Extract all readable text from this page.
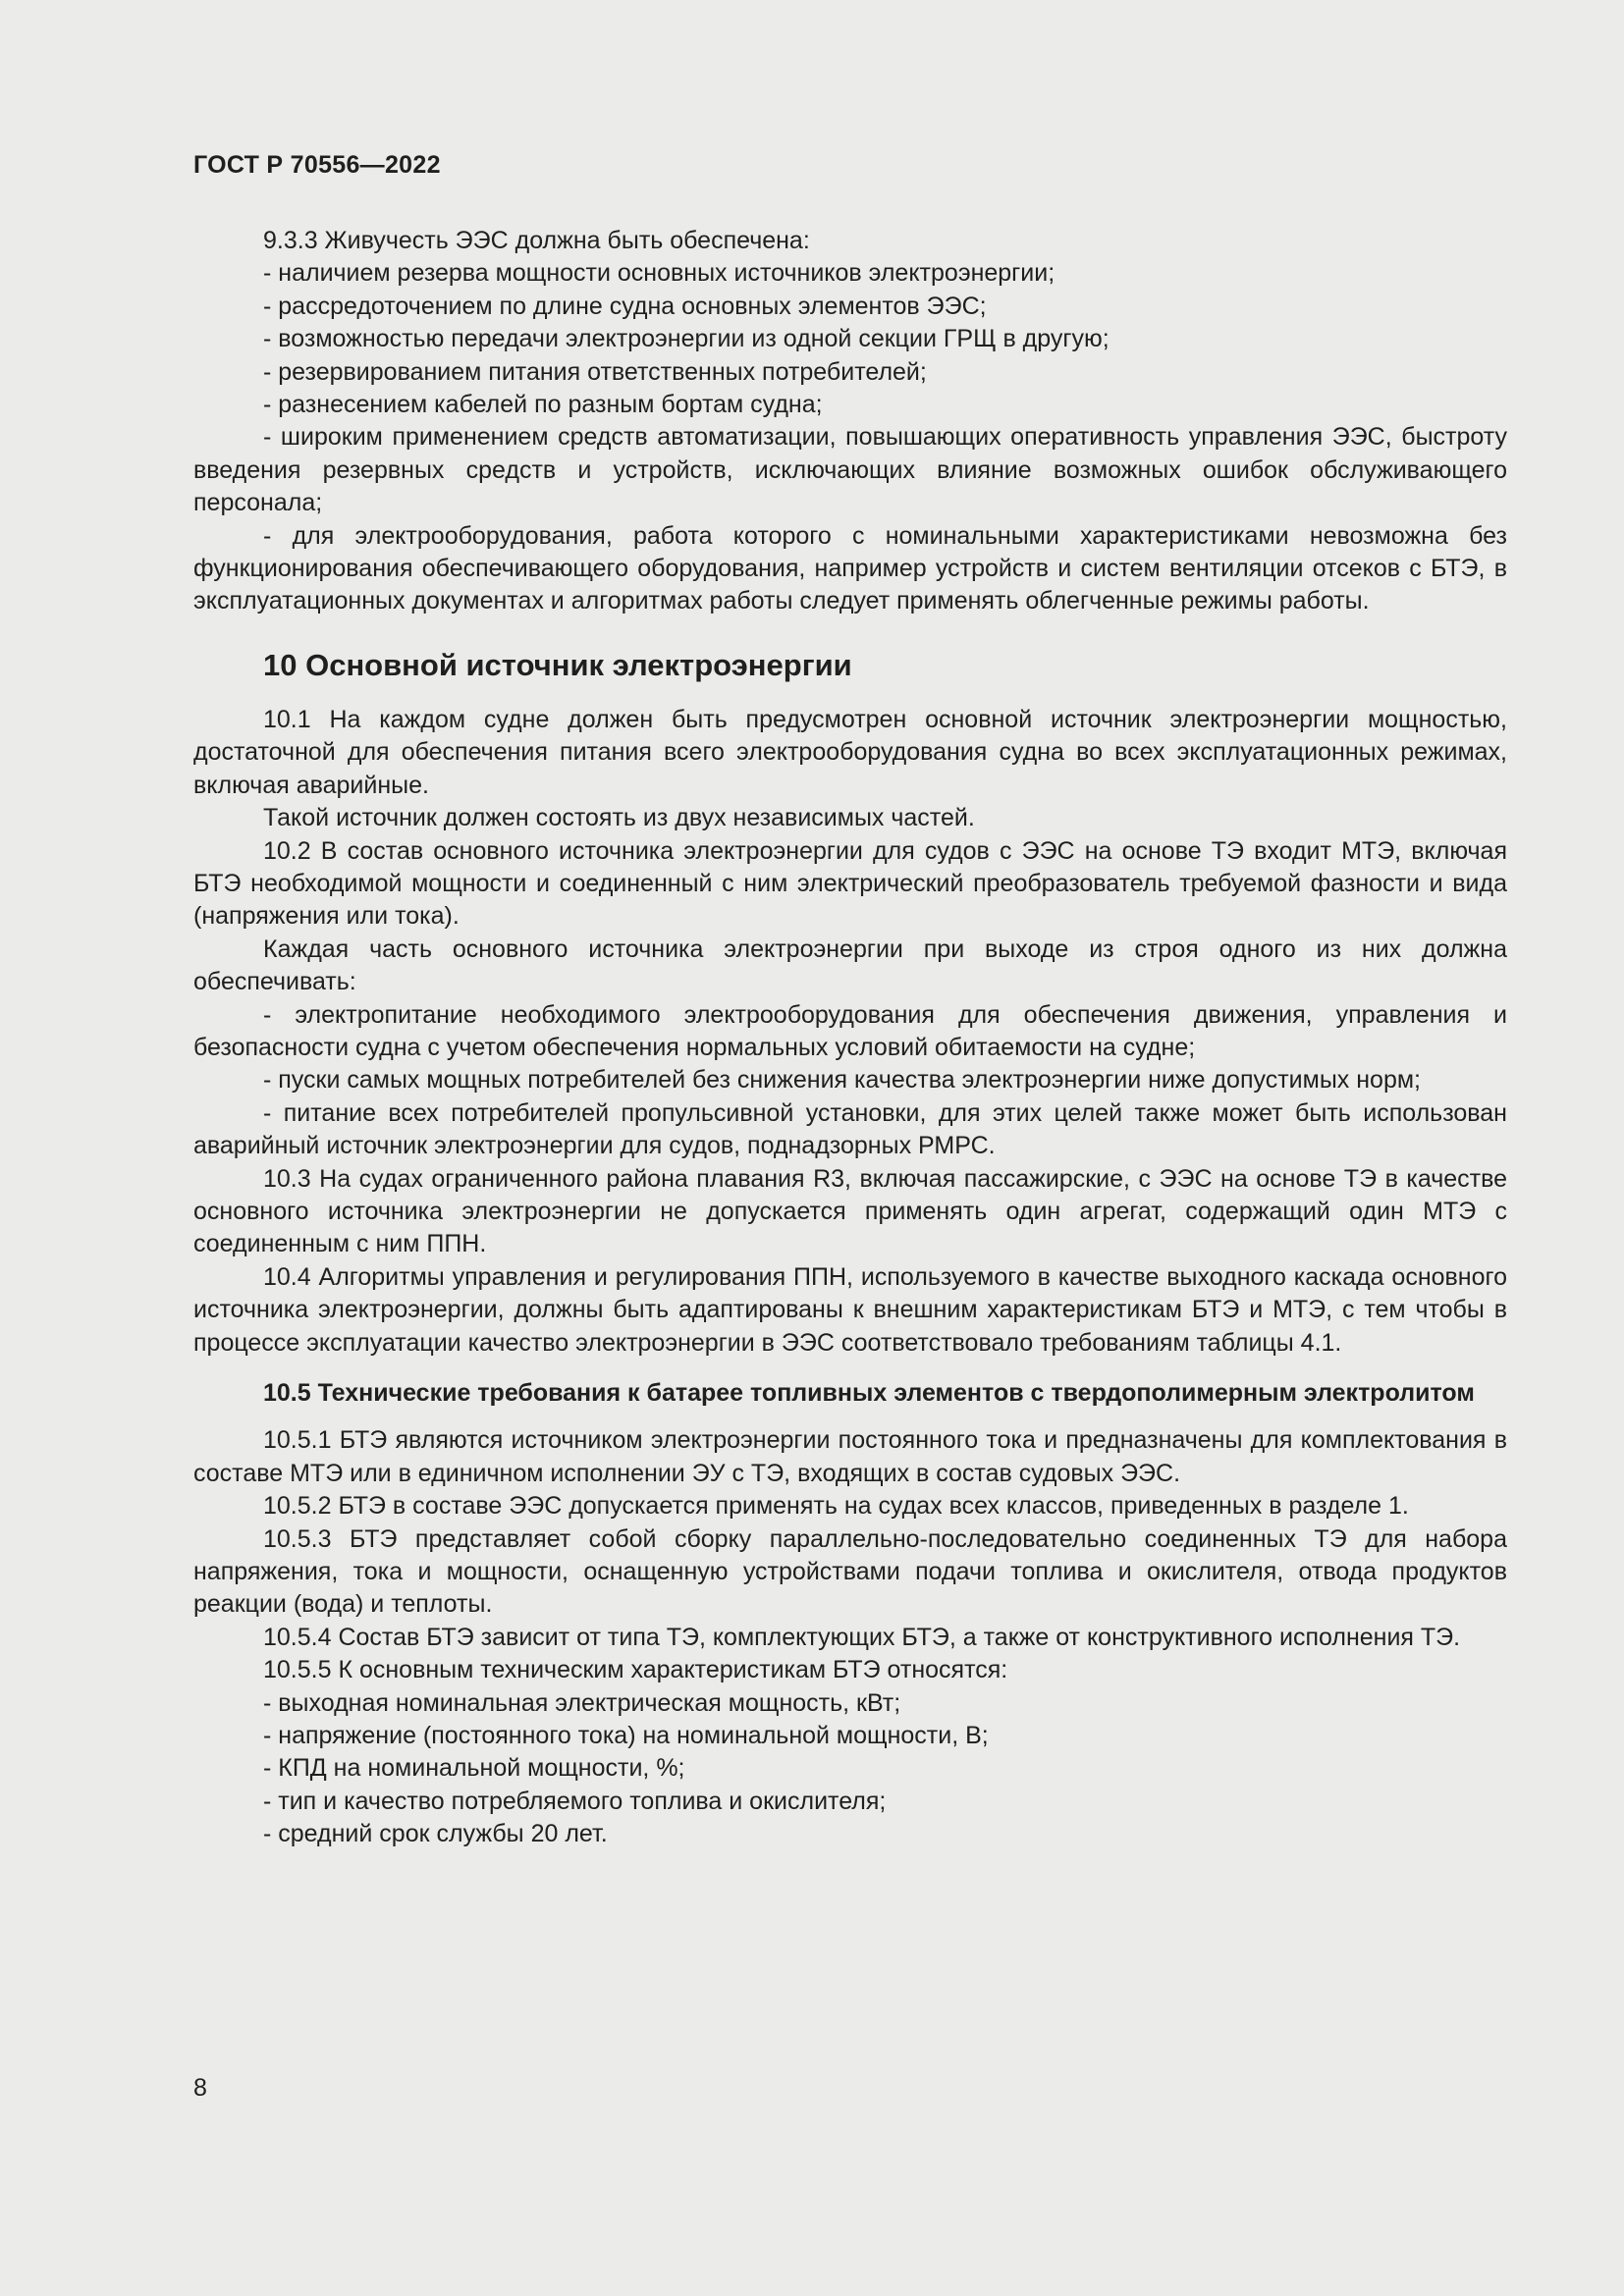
ГОСТ Р 70556—2022

9.3.3 Живучесть ЭЭС должна быть обеспечена:

- наличием резерва мощности основных источников электроэнергии;

- рассредоточением по длине судна основных элементов ЭЭС;

- возможностью передачи электроэнергии из одной секции ГРЩ в другую;

- резервированием питания ответственных потребителей;

- разнесением кабелей по разным бортам судна;

- широким применением средств автоматизации, повышающих оперативность управления ЭЭС, быстроту введения резервных средств и устройств, исключающих влияние возможных ошибок обслуживающего персонала;

- для электрооборудования, работа которого с номинальными характеристиками невозможна без функционирования обеспечивающего оборудования, например устройств и систем вентиляции отсеков с БТЭ, в эксплуатационных документах и алгоритмах работы следует применять облегченные режимы работы.

10 Основной источник электроэнергии

10.1 На каждом судне должен быть предусмотрен основной источник электроэнергии мощностью, достаточной для обеспечения питания всего электрооборудования судна во всех эксплуатационных режимах, включая аварийные.

Такой источник должен состоять из двух независимых частей.

10.2 В состав основного источника электроэнергии для судов с ЭЭС на основе ТЭ входит МТЭ, включая БТЭ необходимой мощности и соединенный с ним электрический преобразователь требуемой фазности и вида (напряжения или тока).

Каждая часть основного источника электроэнергии при выходе из строя одного из них должна обеспечивать:

- электропитание необходимого электрооборудования для обеспечения движения, управления и безопасности судна с учетом обеспечения нормальных условий обитаемости на судне;

- пуски самых мощных потребителей без снижения качества электроэнергии ниже допустимых норм;

- питание всех потребителей пропульсивной установки, для этих целей также может быть использован аварийный источник электроэнергии для судов, поднадзорных РМРС.

10.3 На судах ограниченного района плавания R3, включая пассажирские, с ЭЭС на основе ТЭ в качестве основного источника электроэнергии не допускается применять один агрегат, содержащий один МТЭ с соединенным с ним ППН.

10.4 Алгоритмы управления и регулирования ППН, используемого в качестве выходного каскада основного источника электроэнергии, должны быть адаптированы к внешним характеристикам БТЭ и МТЭ, с тем чтобы в процессе эксплуатации качество электроэнергии в ЭЭС соответствовало требованиям таблицы 4.1.

10.5 Технические требования к батарее топливных элементов с твердополимерным электролитом

10.5.1 БТЭ являются источником электроэнергии постоянного тока и предназначены для комплектования в составе МТЭ или в единичном исполнении ЭУ с ТЭ, входящих в состав судовых ЭЭС.

10.5.2 БТЭ в составе ЭЭС допускается применять на судах всех классов, приведенных в разделе 1.

10.5.3 БТЭ представляет собой сборку параллельно-последовательно соединенных ТЭ для набора напряжения, тока и мощности, оснащенную устройствами подачи топлива и окислителя, отвода продуктов реакции (вода) и теплоты.

10.5.4 Состав БТЭ зависит от типа ТЭ, комплектующих БТЭ, а также от конструктивного исполнения ТЭ.

10.5.5 К основным техническим характеристикам БТЭ относятся:

- выходная номинальная электрическая мощность, кВт;

- напряжение (постоянного тока) на номинальной мощности, В;

- КПД на номинальной мощности, %;

- тип и качество потребляемого топлива и окислителя;

- средний срок службы 20 лет.

8
